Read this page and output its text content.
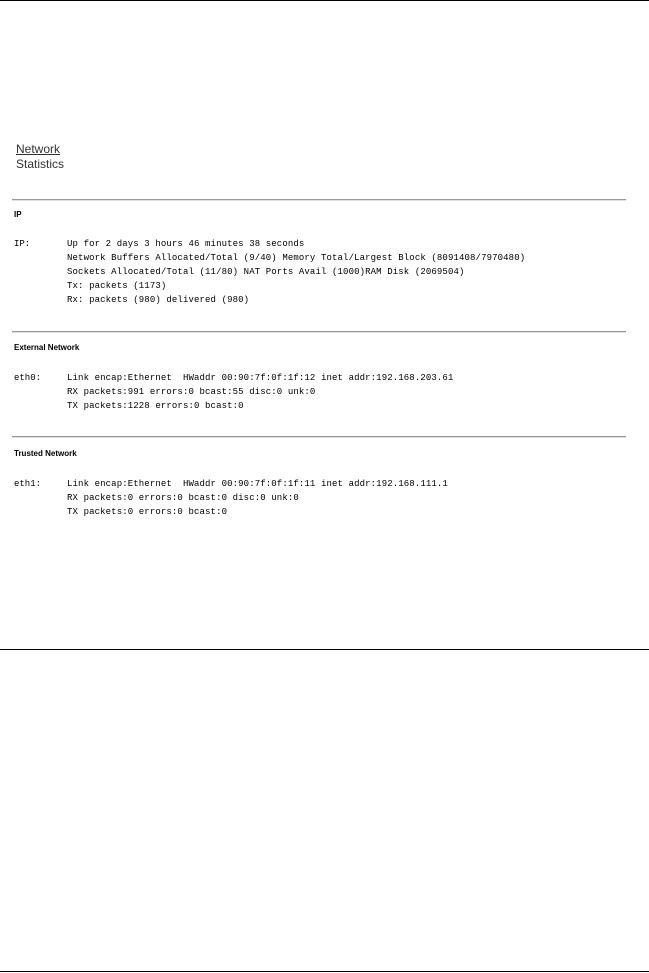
Network
Statistics
IP
IP:	Up for 2 days 3 hours 46 minutes 38 seconds
Network Buffers Allocated/Total (9/40) Memory Total/Largest Block (8091408/7970480)
Sockets Allocated/Total (11/80) NAT Ports Avail (1000)RAM Disk (2069504)
Tx: packets (1173)
Rx: packets (980) delivered (980)
External Network
eth0:	Link encap:Ethernet  HWaddr 00:90:7f:0f:1f:12 inet addr:192.168.203.61
RX packets:991 errors:0 bcast:55 disc:0 unk:0
TX packets:1228 errors:0 bcast:0
Trusted Network
eth1:	Link encap:Ethernet  HWaddr 00:90:7f:0f:1f:11 inet addr:192.168.111.1
RX packets:0 errors:0 bcast:0 disc:0 unk:0
TX packets:0 errors:0 bcast:0
